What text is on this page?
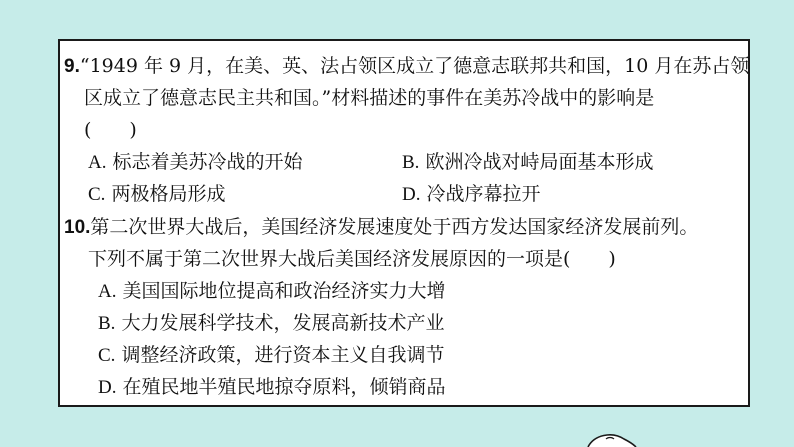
9.“1949 年 9 月，在美、英、法占领区成立了德意志联邦共和国，10 月在苏占领
区成立了德意志民主共和国。”材料描述的事件在美苏冷战中的影响是
(　　)
A. 标志着美苏冷战的开始	B. 欧洲冷战对峙局面基本形成
C. 两极格局形成	D. 冷战序幕拉开
10.第二次世界大战后，美国经济发展速度处于西方发达国家经济发展前列。
下列不属于第二次世界大战后美国经济发展原因的一项是(　　)
A. 美国国际地位提高和政治经济实力大增
B. 大力发展科学技术，发展高新技术产业
C. 调整经济政策，进行资本主义自我调节
D. 在殖民地半殖民地掠夺原料，倾销商品
